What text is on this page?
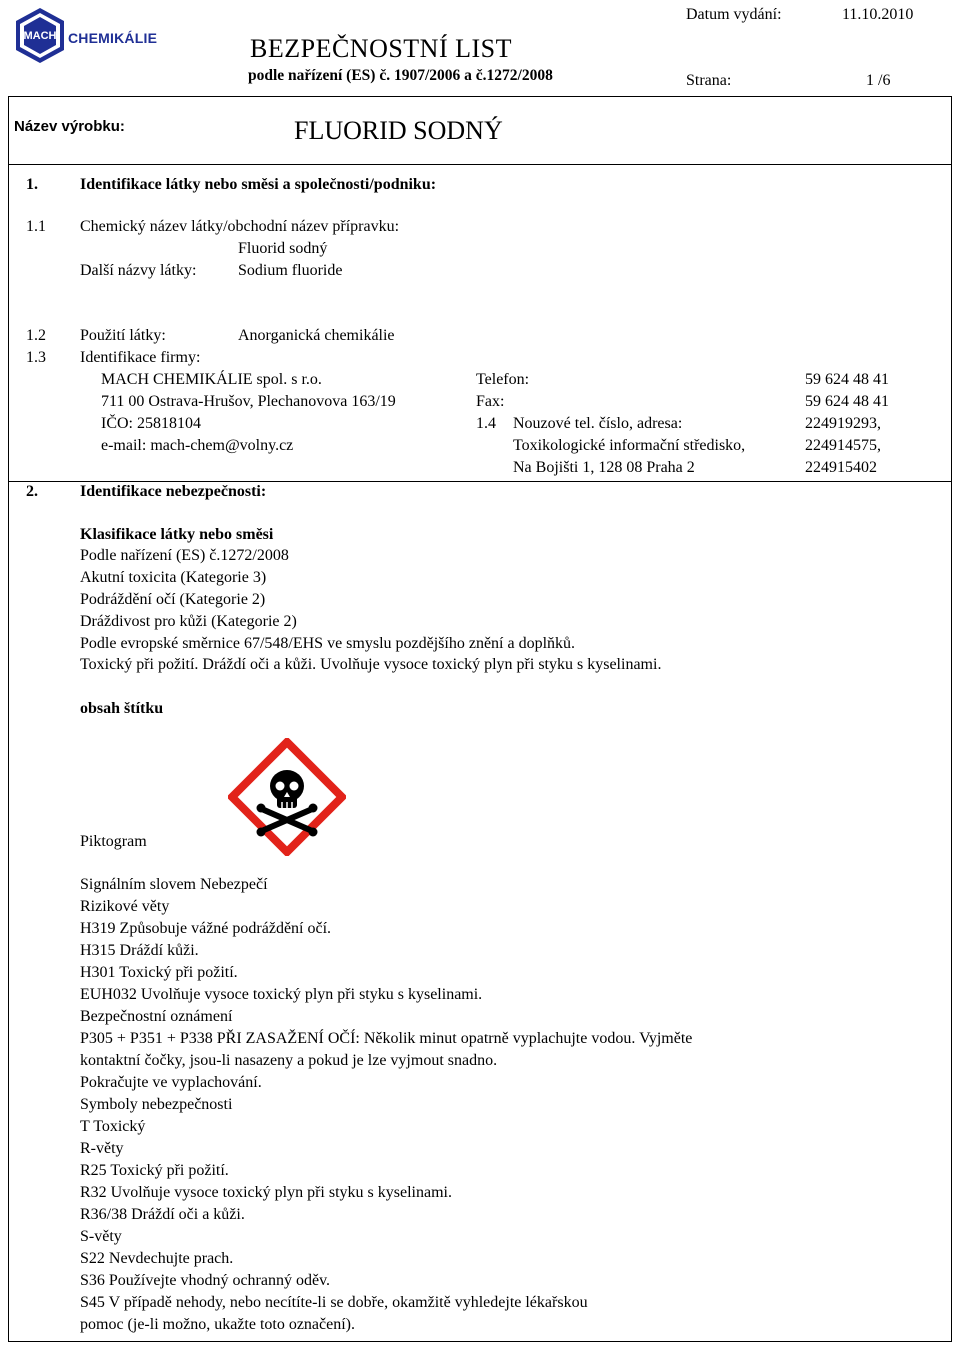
MACH CHEMIKÁLIE	BEZPEČNOSTNÍ LIST
podle nařízení (ES) č. 1907/2006 a č.1272/2008
Datum vydání:	11.10.2010
Strana:	1 /6
Název výrobku:	FLUORID SODNÝ
1.	Identifikace látky nebo směsi a společnosti/podniku:
1.1 Chemický název látky/obchodní název přípravku:
Fluorid sodný
Další názvy látky:	Sodium fluoride
1.2 Použití látky:	Anorganická chemikálie
1.3 Identifikace firmy:
MACH CHEMIKÁLIE spol. s r.o.
711 00 Ostrava-Hrušov, Plechanovova 163/19
IČO: 25818104
e-mail: mach-chem@volny.cz
Telefon:	59 624 48 41
Fax:	59 624 48 41
1.4 Nouzové tel. číslo, adresa:	224919293,
Toxikologické informační středisko,	224914575,
Na Bojišti 1, 128 08 Praha 2	224915402
2.	Identifikace nebezpečnosti:
Klasifikace látky nebo směsi
Podle nařízení (ES) č.1272/2008
Akutní toxicita (Kategorie 3)
Podráždění očí (Kategorie 2)
Dráždivost pro kůži (Kategorie 2)
Podle evropské směrnice 67/548/EHS ve smyslu pozdějšího znění a doplňků.
Toxický při požití. Dráždí oči a kůži. Uvolňuje vysoce toxický plyn při styku s kyselinami.
obsah štítku
Piktogram
Signálním slovem Nebezpečí
Rizikové věty
H319 Způsobuje vážné podráždění očí.
H315 Dráždí kůži.
H301 Toxický při požití.
EUH032 Uvolňuje vysoce toxický plyn při styku s kyselinami.
Bezpečnostní oznámení
P305 + P351 + P338 PŘI ZASAŽENÍ OČÍ: Několik minut opatrně vyplachujte vodou. Vyjměte
kontaktní čočky, jsou-li nasazeny a pokud je lze vyjmout snadno.
Pokračujte ve vyplachování.
Symboly nebezpečnosti
T Toxický
R-věty
R25 Toxický při požití.
R32 Uvolňuje vysoce toxický plyn při styku s kyselinami.
R36/38 Dráždí oči a kůži.
S-věty
S22 Nevdechujte prach.
S36 Používejte vhodný ochranný oděv.
S45 V případě nehody, nebo necítíte-li se dobře, okamžitě vyhledejte lékařskou
pomoc (je-li možno, ukažte toto označení).
